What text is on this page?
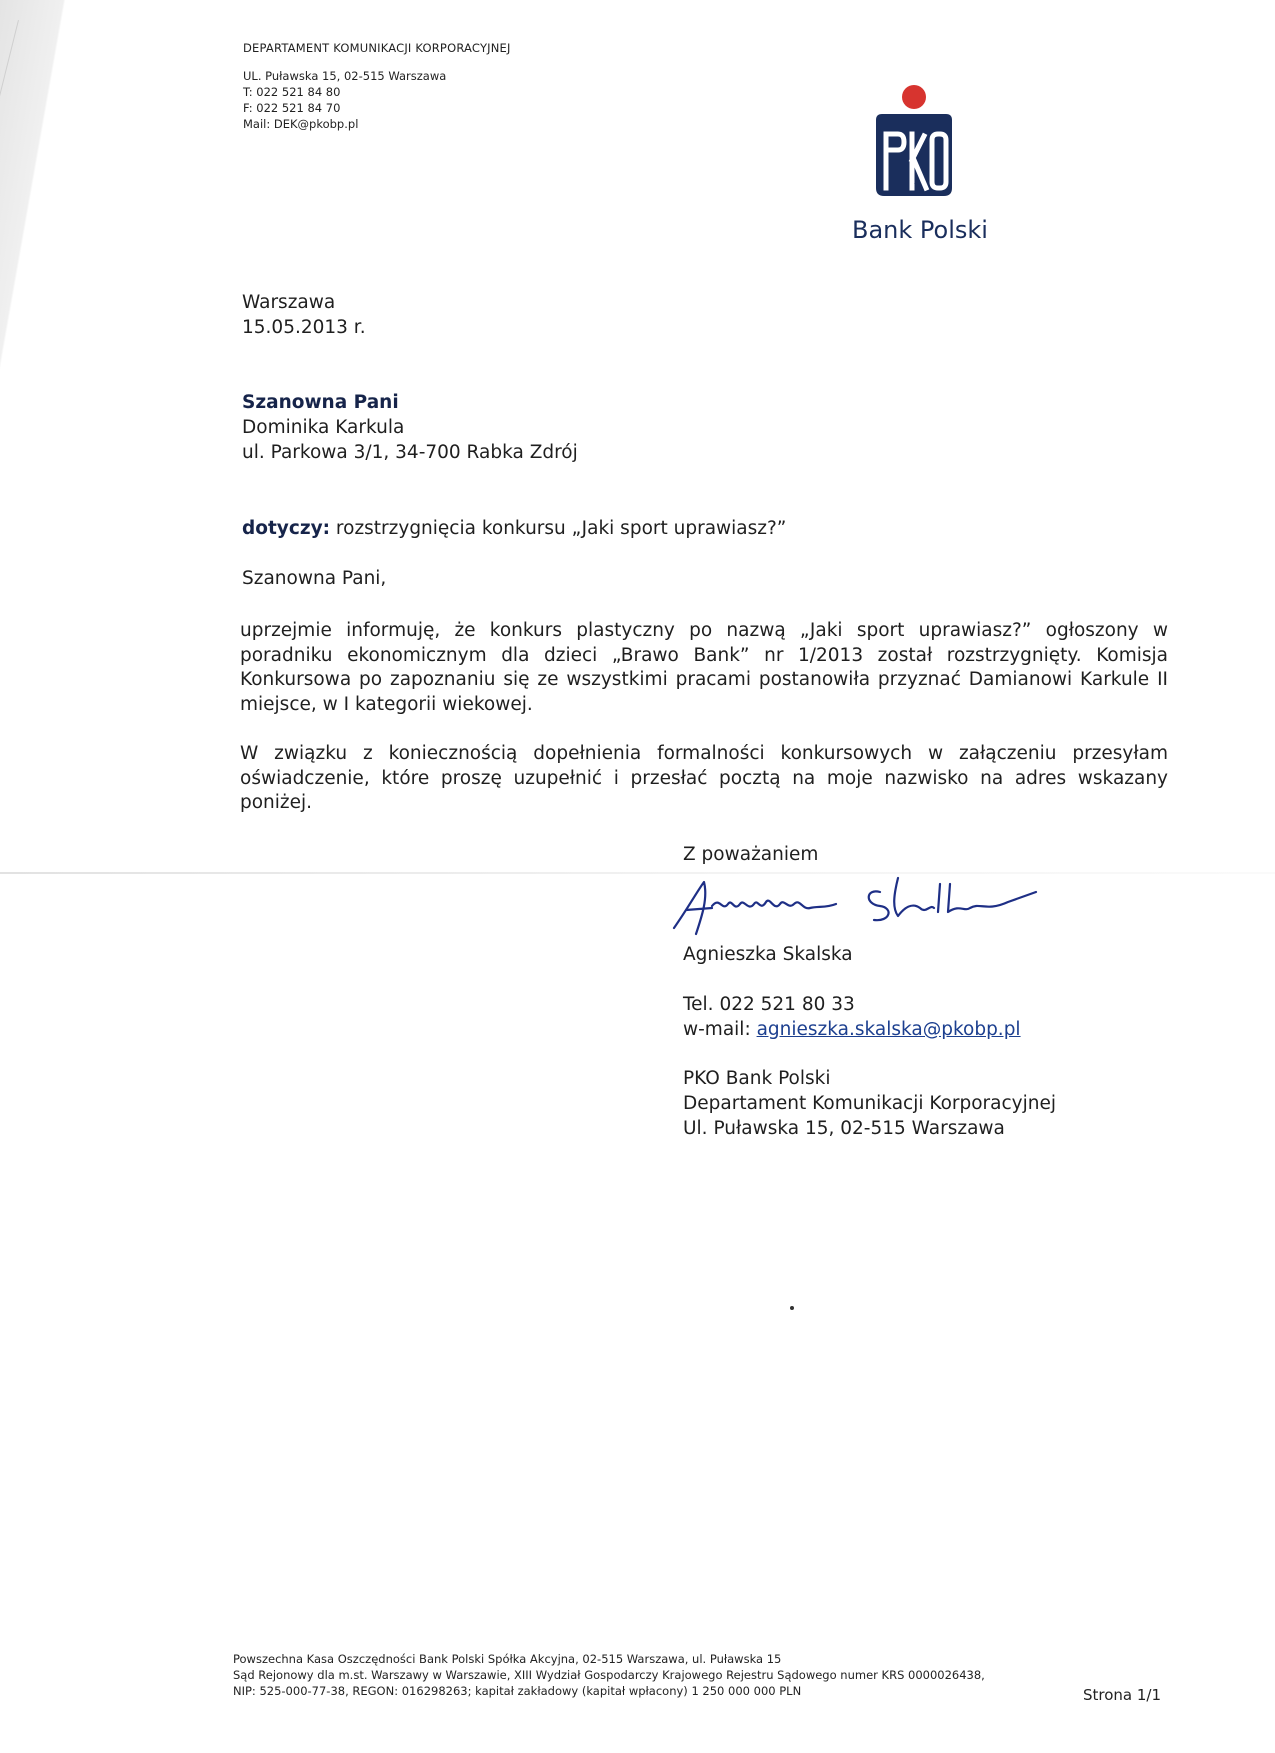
DEPARTAMENT KOMUNIKACJI KORPORACYJNEJ
UL. Puławska 15, 02-515 Warszawa
T: 022 521 84 80
F: 022 521 84 70
Mail: DEK@pkobp.pl
PKO
Bank Polski
Warszawa
15.05.2013 r.
Szanowna Pani
Dominika Karkula
ul. Parkowa 3/1, 34-700 Rabka Zdrój
dotyczy: rozstrzygnięcia konkursu „Jaki sport uprawiasz?”
Szanowna Pani,
uprzejmie informuję, że konkurs plastyczny po nazwą „Jaki sport uprawiasz?” ogłoszony w poradniku ekonomicznym dla dzieci „Brawo Bank” nr 1/2013 został rozstrzygnięty. Komisja Konkursowa po zapoznaniu się ze wszystkimi pracami postanowiła przyznać Damianowi Karkule II miejsce, w I kategorii wiekowej.
W związku z koniecznością dopełnienia formalności konkursowych w załączeniu przesyłam oświadczenie, które proszę uzupełnić i przesłać pocztą na moje nazwisko na adres wskazany poniżej.
Z poważaniem
Agnieszka Skalska
Tel. 022 521 80 33
w-mail: agnieszka.skalska@pkobp.pl
PKO Bank Polski
Departament Komunikacji Korporacyjnej
Ul. Puławska 15, 02-515 Warszawa
Powszechna Kasa Oszczędności Bank Polski Spółka Akcyjna, 02-515 Warszawa, ul. Puławska 15
Sąd Rejonowy dla m.st. Warszawy w Warszawie, XIII Wydział Gospodarczy Krajowego Rejestru Sądowego numer KRS 0000026438,
NIP: 525-000-77-38, REGON: 016298263; kapitał zakładowy (kapitał wpłacony) 1 250 000 000 PLN	Strona 1/1
